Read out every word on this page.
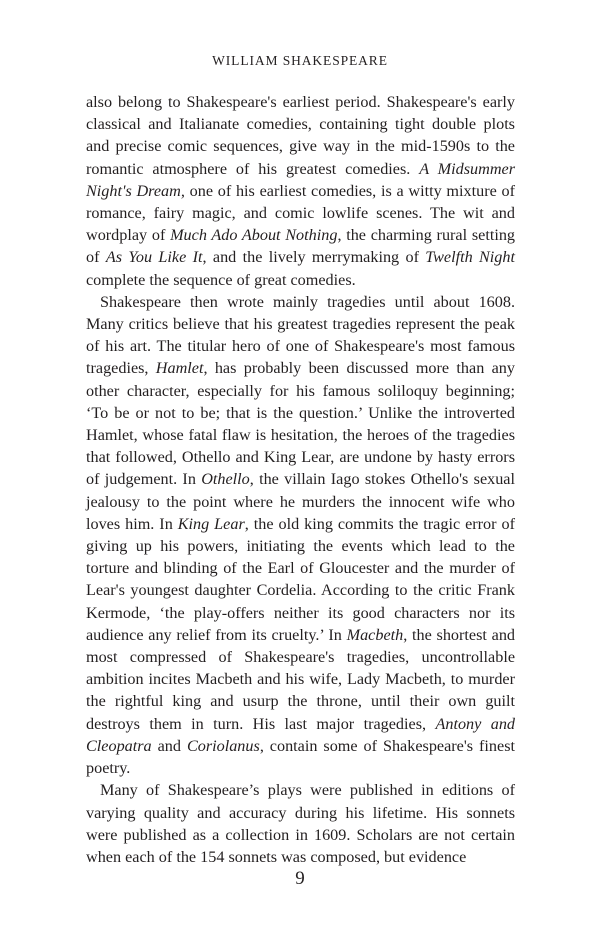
WILLIAM SHAKESPEARE

also belong to Shakespeare's earliest period. Shakespeare's early classical and Italianate comedies, containing tight double plots and precise comic sequences, give way in the mid-1590s to the romantic atmosphere of his greatest comedies. A Midsummer Night's Dream, one of his earliest comedies, is a witty mixture of romance, fairy magic, and comic lowlife scenes. The wit and wordplay of Much Ado About Nothing, the charming rural setting of As You Like It, and the lively merrymaking of Twelfth Night complete the sequence of great comedies.

Shakespeare then wrote mainly tragedies until about 1608. Many critics believe that his greatest tragedies represent the peak of his art. The titular hero of one of Shakespeare's most famous tragedies, Hamlet, has probably been discussed more than any other character, especially for his famous soliloquy beginning; ‘To be or not to be; that is the question.’ Unlike the introverted Hamlet, whose fatal flaw is hesitation, the heroes of the tragedies that followed, Othello and King Lear, are undone by hasty errors of judgement. In Othello, the villain Iago stokes Othello's sexual jealousy to the point where he murders the innocent wife who loves him. In King Lear, the old king commits the tragic error of giving up his powers, initiating the events which lead to the torture and blinding of the Earl of Gloucester and the murder of Lear's youngest daughter Cordelia. According to the critic Frank Kermode, ‘the play-offers neither its good characters nor its audience any relief from its cruelty.’ In Macbeth, the shortest and most compressed of Shakespeare's tragedies, uncontrollable ambition incites Macbeth and his wife, Lady Macbeth, to murder the rightful king and usurp the throne, until their own guilt destroys them in turn. His last major tragedies, Antony and Cleopatra and Coriolanus, contain some of Shakespeare's finest poetry.

Many of Shakespeare’s plays were published in editions of varying quality and accuracy during his lifetime. His sonnets were published as a collection in 1609. Scholars are not certain when each of the 154 sonnets was composed, but evidence

9
